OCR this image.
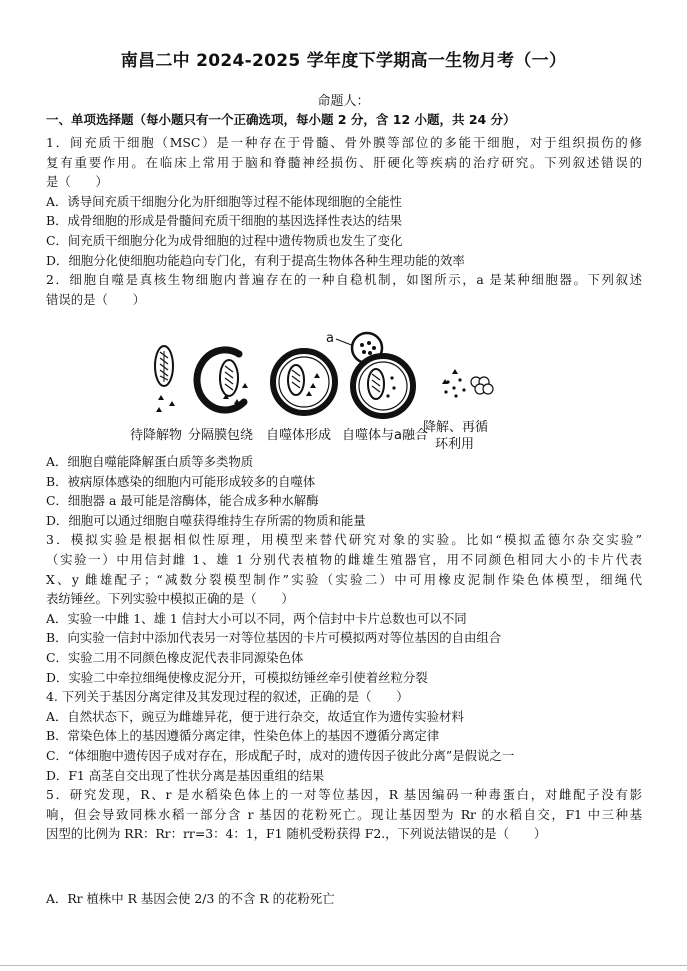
南昌二中 2024-2025 学年度下学期高一生物月考（一）
命题人：
一、单项选择题（每小题只有一个正确选项，每小题 2 分，含 12 小题，共 24 分）
1．间充质干细胞（MSC）是一种存在于骨髓、骨外膜等部位的多能干细胞，对于组织损伤的修
复有重要作用。在临床上常用于脑和脊髓神经损伤、肝硬化等疾病的治疗研究。下列叙述错误的
是（　　）
A．诱导间充质干细胞分化为肝细胞等过程不能体现细胞的全能性
B．成骨细胞的形成是骨髓间充质干细胞的基因选择性表达的结果
C．间充质干细胞分化为成骨细胞的过程中遗传物质也发生了变化
D．细胞分化使细胞功能趋向专门化，有利于提高生物体各种生理功能的效率
2．细胞自噬是真核生物细胞内普遍存在的一种自稳机制，如图所示，a 是某种细胞器。下列叙述
错误的是（　　）
a
待降解物 分隔膜包绕 自噬体形成 自噬体与a融合
降解、再循
环利用
A．细胞自噬能降解蛋白质等多类物质
B．被病原体感染的细胞内可能形成较多的自噬体
C．细胞器 a 最可能是溶酶体，能合成多种水解酶
D．细胞可以通过细胞自噬获得维持生存所需的物质和能量
3．模拟实验是根据相似性原理，用模型来替代研究对象的实验。比如“模拟孟德尔杂交实验”
（实验一）中用信封雌 1、雄 1 分别代表植物的雌雄生殖器官，用不同颜色相同大小的卡片代表
X、y 雌雄配子；“减数分裂模型制作”实验（实验二）中可用橡皮泥制作染色体模型，细绳代
表纺锤丝。下列实验中模拟正确的是（　　）
A．实验一中雌 1、雄 1 信封大小可以不同，两个信封中卡片总数也可以不同
B．向实验一信封中添加代表另一对等位基因的卡片可模拟两对等位基因的自由组合
C．实验二用不同颜色橡皮泥代表非同源染色体
D．实验二中牵拉细绳使橡皮泥分开，可模拟纺锤丝牵引使着丝粒分裂
4. 下列关于基因分离定律及其发现过程的叙述，正确的是（　　）
A．自然状态下，豌豆为雌雄异花，便于进行杂交，故适宜作为遗传实验材料
B．常染色体上的基因遵循分离定律，性染色体上的基因不遵循分离定律
C．“体细胞中遗传因子成对存在，形成配子时，成对的遗传因子彼此分离”是假说之一
D．F1 高茎自交出现了性状分离是基因重组的结果
5．研究发现，R、r 是水稻染色体上的一对等位基因，R 基因编码一种毒蛋白，对雌配子没有影
响，但会导致同株水稻一部分含 r 基因的花粉死亡。现让基因型为 Rr 的水稻自交，F1 中三种基
因型的比例为 RR：Rr：rr=3：4：1，F1 随机受粉获得 F2.，下列说法错误的是（　　）
A．Rr 植株中 R 基因会使 2/3 的不含 R 的花粉死亡
